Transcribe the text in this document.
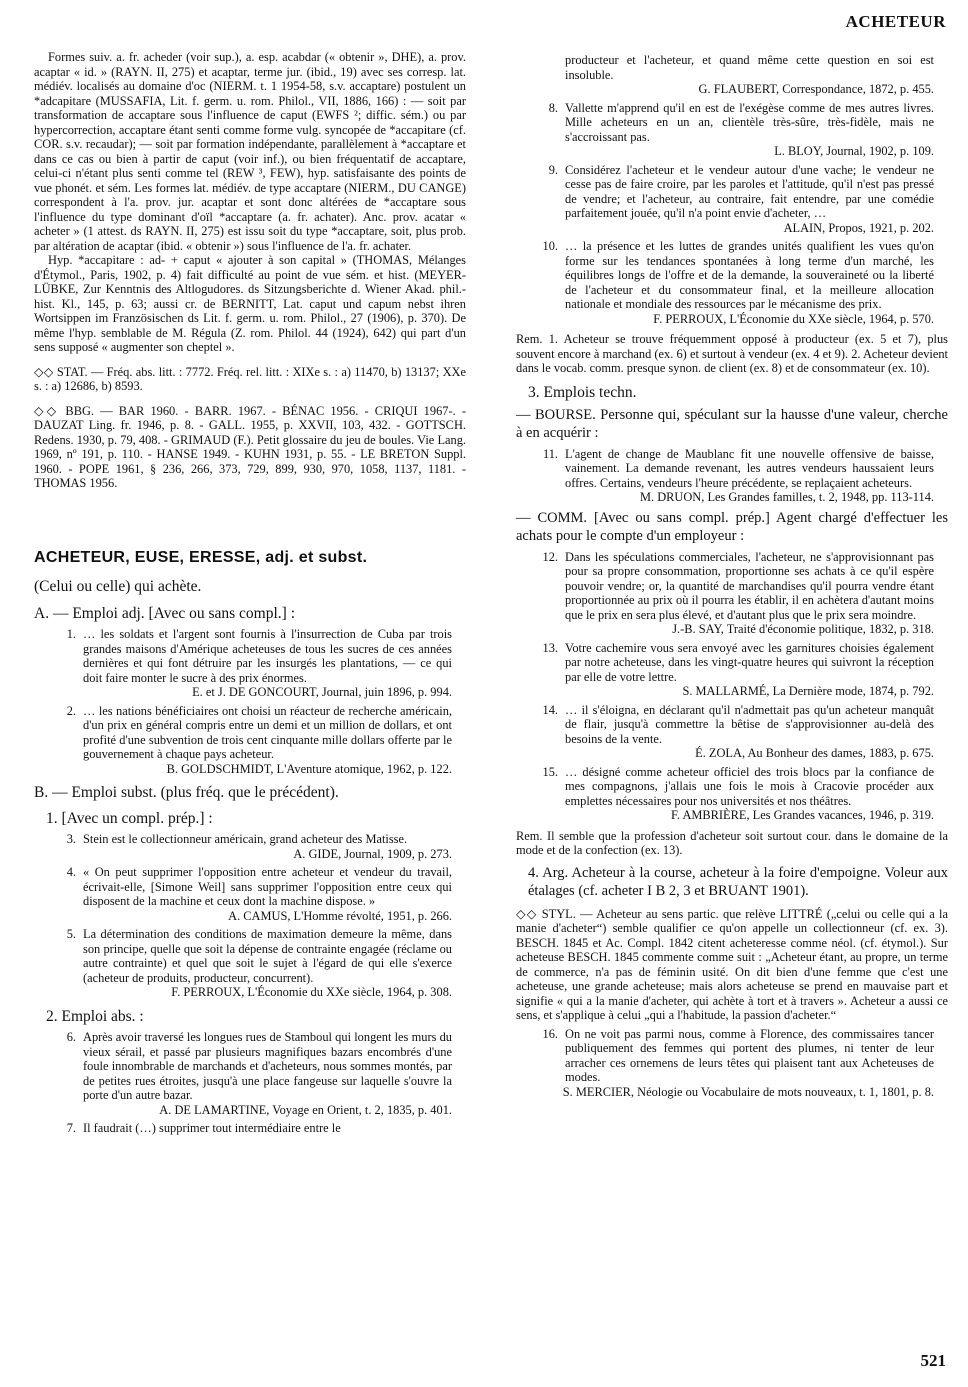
ACHETEUR

Formes suiv. a. fr. acheder (voir sup.), a. esp. acabdar (« obtenir », DHE), a. prov. acaptar « id. » (RAYN. II, 275) et acaptar, terme jur. (ibid., 19) avec ses corresp. lat. médiév. localisés au domaine d'oc (NIERM. t. 1 1954-58, s.v. accaptare) postulent un *adcapitare (MUSSAFIA, Lit. f. germ. u. rom. Philol., VII, 1886, 166) : — soit par transformation de accaptare sous l'influence de caput (EWFS ²; diffic. sém.) ou par hypercorrection, accaptare étant senti comme forme vulg. syncopée de *accapitare (cf. COR. s.v. recaudar); — soit par formation indépendante, parallèlement à *accaptare et dans ce cas ou bien à partir de caput (voir inf.), ou bien fréquentatif de accaptare, celui-ci n'étant plus senti comme tel (REW ³, FEW), hyp. satisfaisante des points de vue phonét. et sém. Les formes lat. médiév. de type accaptare (NIERM., DU CANGE) correspondent à l'a. prov. jur. acaptar et sont donc altérées de *accaptare sous l'influence du type dominant d'oïl *accaptare (a. fr. achater). Anc. prov. acatar « acheter » (1 attest. ds RAYN. II, 275) est issu soit du type *accaptare, soit, plus prob. par altération de acaptar (ibid. « obtenir ») sous l'influence de l'a. fr. achater.

Hyp. *accapitare : ad- + caput « ajouter à son capital » (THOMAS, Mélanges d'Étymol., Paris, 1902, p. 4) fait difficulté au point de vue sém. et hist. (MEYER-LÜBKE, Zur Kenntnis des Altlogudores. ds Sitzungsberichte d. Wiener Akad. phil.-hist. Kl., 145, p. 63; aussi cr. de BERNITT, Lat. caput und capum nebst ihren Wortsippen im Französischen ds Lit. f. germ. u. rom. Philol., 27 (1906), p. 370). De même l'hyp. semblable de M. Régula (Z. rom. Philol. 44 (1924), 642) qui part d'un sens supposé « augmenter son cheptel ».

◇◇ STAT. — Fréq. abs. litt. : 7772. Fréq. rel. litt. : XIXe s. : a) 11470, b) 13137; XXe s. : a) 12686, b) 8593.

◇◇ BBG. — BAR 1960. - BARR. 1967. - BÉNAC 1956. - CRIQUI 1967-. - DAUZAT Ling. fr. 1946, p. 8. - GALL. 1955, p. XXVII, 103, 432. - GOTTSCH. Redens. 1930, p. 79, 408. - GRIMAUD (F.). Petit glossaire du jeu de boules. Vie Lang. 1969, nº 191, p. 110. - HANSE 1949. - KUHN 1931, p. 55. - LE BRETON Suppl. 1960. - POPE 1961, § 236, 266, 373, 729, 899, 930, 970, 1058, 1137, 1181. - THOMAS 1956.

ACHETEUR, EUSE, ERESSE, adj. et subst.

(Celui ou celle) qui achète.

A. — Emploi adj. [Avec ou sans compl.] :

1. … les soldats et l'argent sont fournis à l'insurrection de Cuba par trois grandes maisons d'Amérique acheteuses de tous les sucres de ces années dernières et qui font détruire par les insurgés les plantations, — ce qui doit faire monter le sucre à des prix énormes.

E. et J. DE GONCOURT, Journal, juin 1896, p. 994.

2. … les nations bénéficiaires ont choisi un réacteur de recherche américain, d'un prix en général compris entre un demi et un million de dollars, et ont profité d'une subvention de trois cent cinquante mille dollars offerte par le gouvernement à chaque pays acheteur.

B. GOLDSCHMIDT, L'Aventure atomique, 1962, p. 122.

B. — Emploi subst. (plus fréq. que le précédent).

1. [Avec un compl. prép.] :

3. Stein est le collectionneur américain, grand acheteur des Matisse.

A. GIDE, Journal, 1909, p. 273.

4. « On peut supprimer l'opposition entre acheteur et vendeur du travail, écrivait-elle, [Simone Weil] sans supprimer l'opposition entre ceux qui disposent de la machine et ceux dont la machine dispose. »

A. CAMUS, L'Homme révolté, 1951, p. 266.

5. La détermination des conditions de maximation demeure la même, dans son principe, quelle que soit la dépense de contrainte engagée (réclame ou autre contrainte) et quel que soit le sujet à l'égard de qui elle s'exerce (acheteur de produits, producteur, concurrent).

F. PERROUX, L'Économie du XXe siècle, 1964, p. 308.

2. Emploi abs. :

6. Après avoir traversé les longues rues de Stamboul qui longent les murs du vieux sérail, et passé par plusieurs magnifiques bazars encombrés d'une foule innombrable de marchands et d'acheteurs, nous sommes montés, par de petites rues étroites, jusqu'à une place fangeuse sur laquelle s'ouvre la porte d'un autre bazar.

A. DE LAMARTINE, Voyage en Orient, t. 2, 1835, p. 401.

7. Il faudrait (…) supprimer tout intermédiaire entre le
producteur et l'acheteur, et quand même cette question en soi est insoluble.

G. FLAUBERT, Correspondance, 1872, p. 455.

8. Vallette m'apprend qu'il en est de l'exégèse comme de mes autres livres. Mille acheteurs en un an, clientèle très-sûre, très-fidèle, mais ne s'accroissant pas.

L. BLOY, Journal, 1902, p. 109.

9. Considérez l'acheteur et le vendeur autour d'une vache; le vendeur ne cesse pas de faire croire, par les paroles et l'attitude, qu'il n'est pas pressé de vendre; et l'acheteur, au contraire, fait entendre, par une comédie parfaitement jouée, qu'il n'a point envie d'acheter, …

ALAIN, Propos, 1921, p. 202.

10. … la présence et les luttes de grandes unités qualifient les vues qu'on forme sur les tendances spontanées à long terme d'un marché, les équilibres longs de l'offre et de la demande, la souveraineté ou la liberté de l'acheteur et du consommateur final, et la meilleure allocation nationale et mondiale des ressources par le mécanisme des prix.

F. PERROUX, L'Économie du XXe siècle, 1964, p. 570.

Rem. 1. Acheteur se trouve fréquemment opposé à producteur (ex. 5 et 7), plus souvent encore à marchand (ex. 6) et surtout à vendeur (ex. 4 et 9). 2. Acheteur devient dans le vocab. comm. presque synon. de client (ex. 8) et de consommateur (ex. 10).

3. Emplois techn.

— BOURSE. Personne qui, spéculant sur la hausse d'une valeur, cherche à en acquérir :

11. L'agent de change de Maublanc fit une nouvelle offensive de baisse, vainement. La demande revenant, les autres vendeurs haussaient leurs offres. Certains, vendeurs l'heure précédente, se replaçaient acheteurs.

M. DRUON, Les Grandes familles, t. 2, 1948, pp. 113-114.

— COMM. [Avec ou sans compl. prép.] Agent chargé d'effectuer les achats pour le compte d'un employeur :

12. Dans les spéculations commerciales, l'acheteur, ne s'approvisionnant pas pour sa propre consommation, proportionne ses achats à ce qu'il espère pouvoir vendre; or, la quantité de marchandises qu'il pourra vendre étant proportionnée au prix où il pourra les établir, il en achètera d'autant moins que le prix en sera plus élevé, et d'autant plus que le prix sera moindre.

J.-B. SAY, Traité d'économie politique, 1832, p. 318.

13. Votre cachemire vous sera envoyé avec les garnitures choisies également par notre acheteuse, dans les vingt-quatre heures qui suivront la réception par elle de votre lettre.

S. MALLARMÉ, La Dernière mode, 1874, p. 792.

14. … il s'éloigna, en déclarant qu'il n'admettait pas qu'un acheteur manquât de flair, jusqu'à commettre la bêtise de s'approvisionner au-delà des besoins de la vente.

É. ZOLA, Au Bonheur des dames, 1883, p. 675.

15. … désigné comme acheteur officiel des trois blocs par la confiance de mes compagnons, j'allais une fois le mois à Cracovie procéder aux emplettes nécessaires pour nos universités et nos théâtres.

F. AMBRIÈRE, Les Grandes vacances, 1946, p. 319.

Rem. Il semble que la profession d'acheteur soit surtout cour. dans le domaine de la mode et de la confection (ex. 13).

4. Arg. Acheteur à la course, acheteur à la foire d'empoigne. Voleur aux étalages (cf. acheter I B 2, 3 et BRUANT 1901).

◇◇ STYL. — Acheteur au sens partic. que relève LITTRÉ („celui ou celle qui a la manie d'acheter“) semble qualifier ce qu'on appelle un collectionneur (cf. ex. 3). BESCH. 1845 et Ac. Compl. 1842 citent acheteresse comme néol. (cf. étymol.). Sur acheteuse BESCH. 1845 commente comme suit : „Acheteur étant, au propre, un terme de commerce, n'a pas de féminin usité. On dit bien d'une femme que c'est une acheteuse, une grande acheteuse; mais alors acheteuse se prend en mauvaise part et signifie « qui a la manie d'acheter, qui achète à tort et à travers ». Acheteur a aussi ce sens, et s'applique à celui „qui a l'habitude, la passion d'acheter.“

16. On ne voit pas parmi nous, comme à Florence, des commissaires tancer publiquement des femmes qui portent des plumes, ni tenter de leur arracher ces ornemens de leurs têtes qui plaisent tant aux Acheteuses de modes.

S. MERCIER, Néologie ou Vocabulaire de mots nouveaux, t. 1, 1801, p. 8.

521
